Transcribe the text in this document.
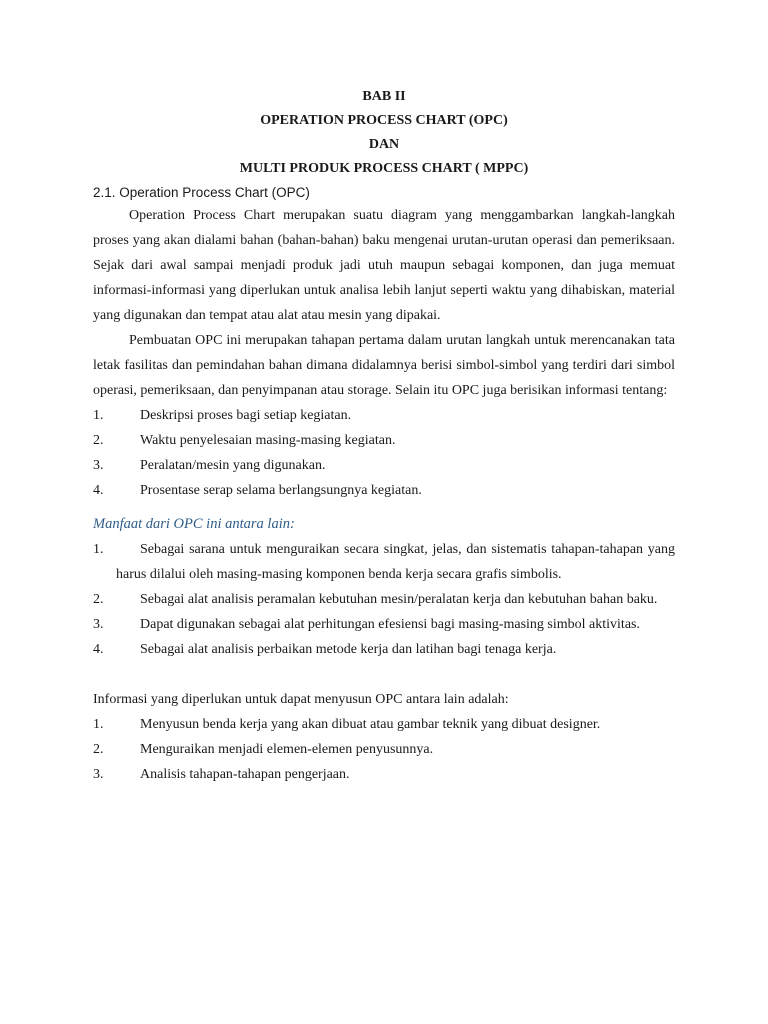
BAB II

OPERATION PROCESS CHART (OPC)

DAN

MULTI PRODUK PROCESS CHART ( MPPC)

2.1. Operation Process Chart (OPC)

Operation Process Chart merupakan suatu diagram yang menggambarkan langkah-langkah proses yang akan dialami bahan (bahan-bahan) baku mengenai urutan-urutan operasi dan pemeriksaan. Sejak dari awal sampai menjadi produk jadi utuh maupun sebagai komponen, dan juga memuat informasi-informasi yang diperlukan untuk analisa lebih lanjut seperti waktu yang dihabiskan, material yang digunakan dan tempat atau alat atau mesin yang dipakai.

Pembuatan OPC ini merupakan tahapan pertama dalam urutan langkah untuk merencanakan tata letak fasilitas dan pemindahan bahan dimana didalamnya berisi simbol-simbol yang terdiri dari simbol operasi, pemeriksaan, dan penyimpanan atau storage. Selain itu OPC juga berisikan informasi tentang:

1.	Deskripsi proses bagi setiap kegiatan.
2.	Waktu penyelesaian masing-masing kegiatan.
3.	Peralatan/mesin yang digunakan.
4.	Prosentase serap selama berlangsungnya kegiatan.

Manfaat dari OPC ini antara lain:

1.	Sebagai sarana untuk menguraikan secara singkat, jelas, dan sistematis tahapan-tahapan yang harus dilalui oleh masing-masing komponen benda kerja secara grafis simbolis.
2.	Sebagai alat analisis peramalan kebutuhan mesin/peralatan kerja dan kebutuhan bahan baku.
3.	Dapat digunakan sebagai alat perhitungan efesiensi bagi masing-masing simbol aktivitas.
4.	Sebagai alat analisis perbaikan metode kerja dan latihan bagi tenaga kerja.

Informasi yang diperlukan untuk dapat menyusun OPC antara lain adalah:

1.	Menyusun benda kerja yang akan dibuat atau gambar teknik yang dibuat designer.
2.	Menguraikan menjadi elemen-elemen penyusunnya.
3.	Analisis tahapan-tahapan pengerjaan.
